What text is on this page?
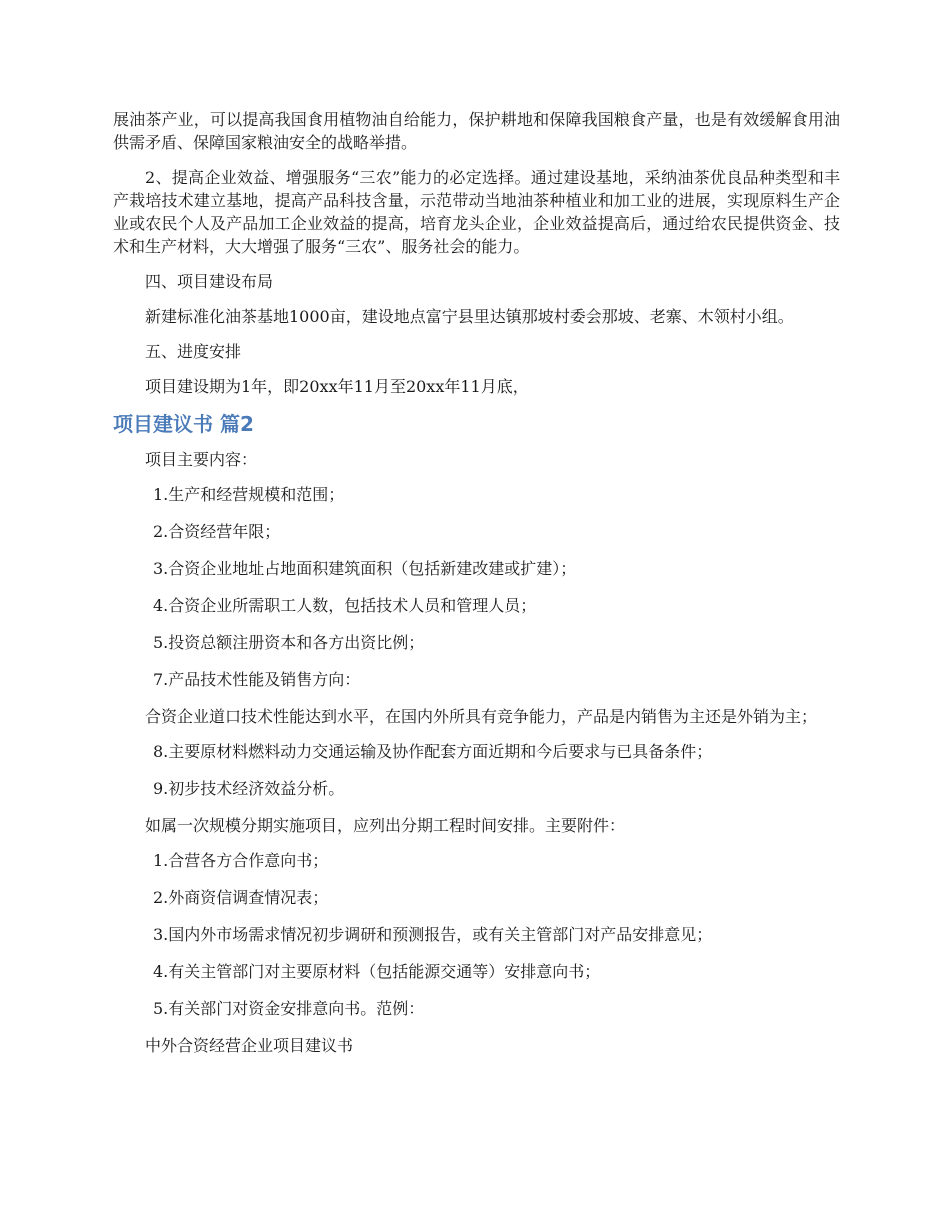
展油茶产业，可以提高我国食用植物油自给能力，保护耕地和保障我国粮食产量，也是有效缓解食用油供需矛盾、保障国家粮油安全的战略举措。

2、提高企业效益、增强服务“三农”能力的必定选择。通过建设基地，采纳油茶优良品种类型和丰产栽培技术建立基地，提高产品科技含量，示范带动当地油茶种植业和加工业的进展，实现原料生产企业或农民个人及产品加工企业效益的提高，培育龙头企业，企业效益提高后，通过给农民提供资金、技术和生产材料，大大增强了服务“三农”、服务社会的能力。

四、项目建设布局

新建标准化油茶基地1000亩，建设地点富宁县里达镇那坡村委会那坡、老寨、木领村小组。

五、进度安排

项目建设期为1年，即20xx年11月至20xx年11月底，

项目建议书 篇2

项目主要内容：

1.生产和经营规模和范围；

2.合资经营年限；

3.合资企业地址占地面积建筑面积（包括新建改建或扩建）；

4.合资企业所需职工人数，包括技术人员和管理人员；

5.投资总额注册资本和各方出资比例；

7.产品技术性能及销售方向：

合资企业道口技术性能达到水平，在国内外所具有竞争能力，产品是内销售为主还是外销为主；

8.主要原材料燃料动力交通运输及协作配套方面近期和今后要求与已具备条件；

9.初步技术经济效益分析。

如属一次规模分期实施项目，应列出分期工程时间安排。主要附件：

1.合营各方合作意向书；

2.外商资信调查情况表；

3.国内外市场需求情况初步调研和预测报告，或有关主管部门对产品安排意见；

4.有关主管部门对主要原材料（包括能源交通等）安排意向书；

5.有关部门对资金安排意向书。范例：

中外合资经营企业项目建议书
